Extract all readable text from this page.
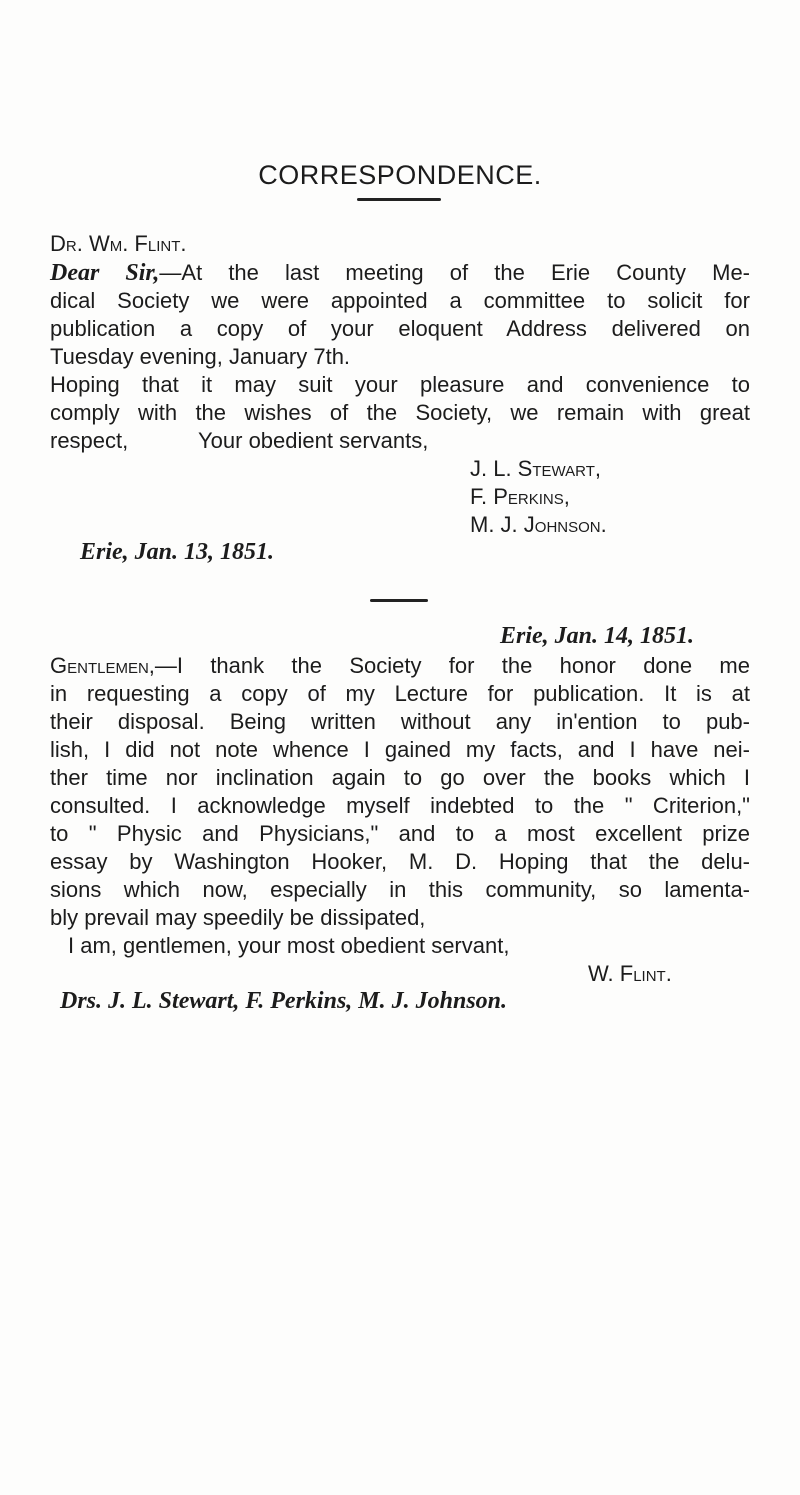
CORRESPONDENCE.
Dr. Wm. Flint.
Dear Sir,—At the last meeting of the Erie County Me-
dical Society we were appointed a committee to solicit for
publication a copy of your eloquent Address delivered on
Tuesday evening, January 7th.
Hoping that it may suit your pleasure and convenience to
comply with the wishes of the Society, we remain with great
respect,	Your obedient servants,
J. L. Stewart,
F. Perkins,
M. J. Johnson.
Erie, Jan. 13, 1851.
Erie, Jan. 14, 1851.
Gentlemen,—I thank the Society for the honor done me
in requesting a copy of my Lecture for publication. It is at
their disposal. Being written without any in'ention to pub-
lish, I did not note whence I gained my facts, and I have nei-
ther time nor inclination again to go over the books which I
consulted. I acknowledge myself indebted to the " Criterion,"
to " Physic and Physicians," and to a most excellent prize
essay by Washington Hooker, M. D. Hoping that the delu-
sions which now, especially in this community, so lamenta-
bly prevail may speedily be dissipated,
I am, gentlemen, your most obedient servant,
W. Flint.
Drs. J. L. Stewart, F. Perkins, M. J. Johnson.
